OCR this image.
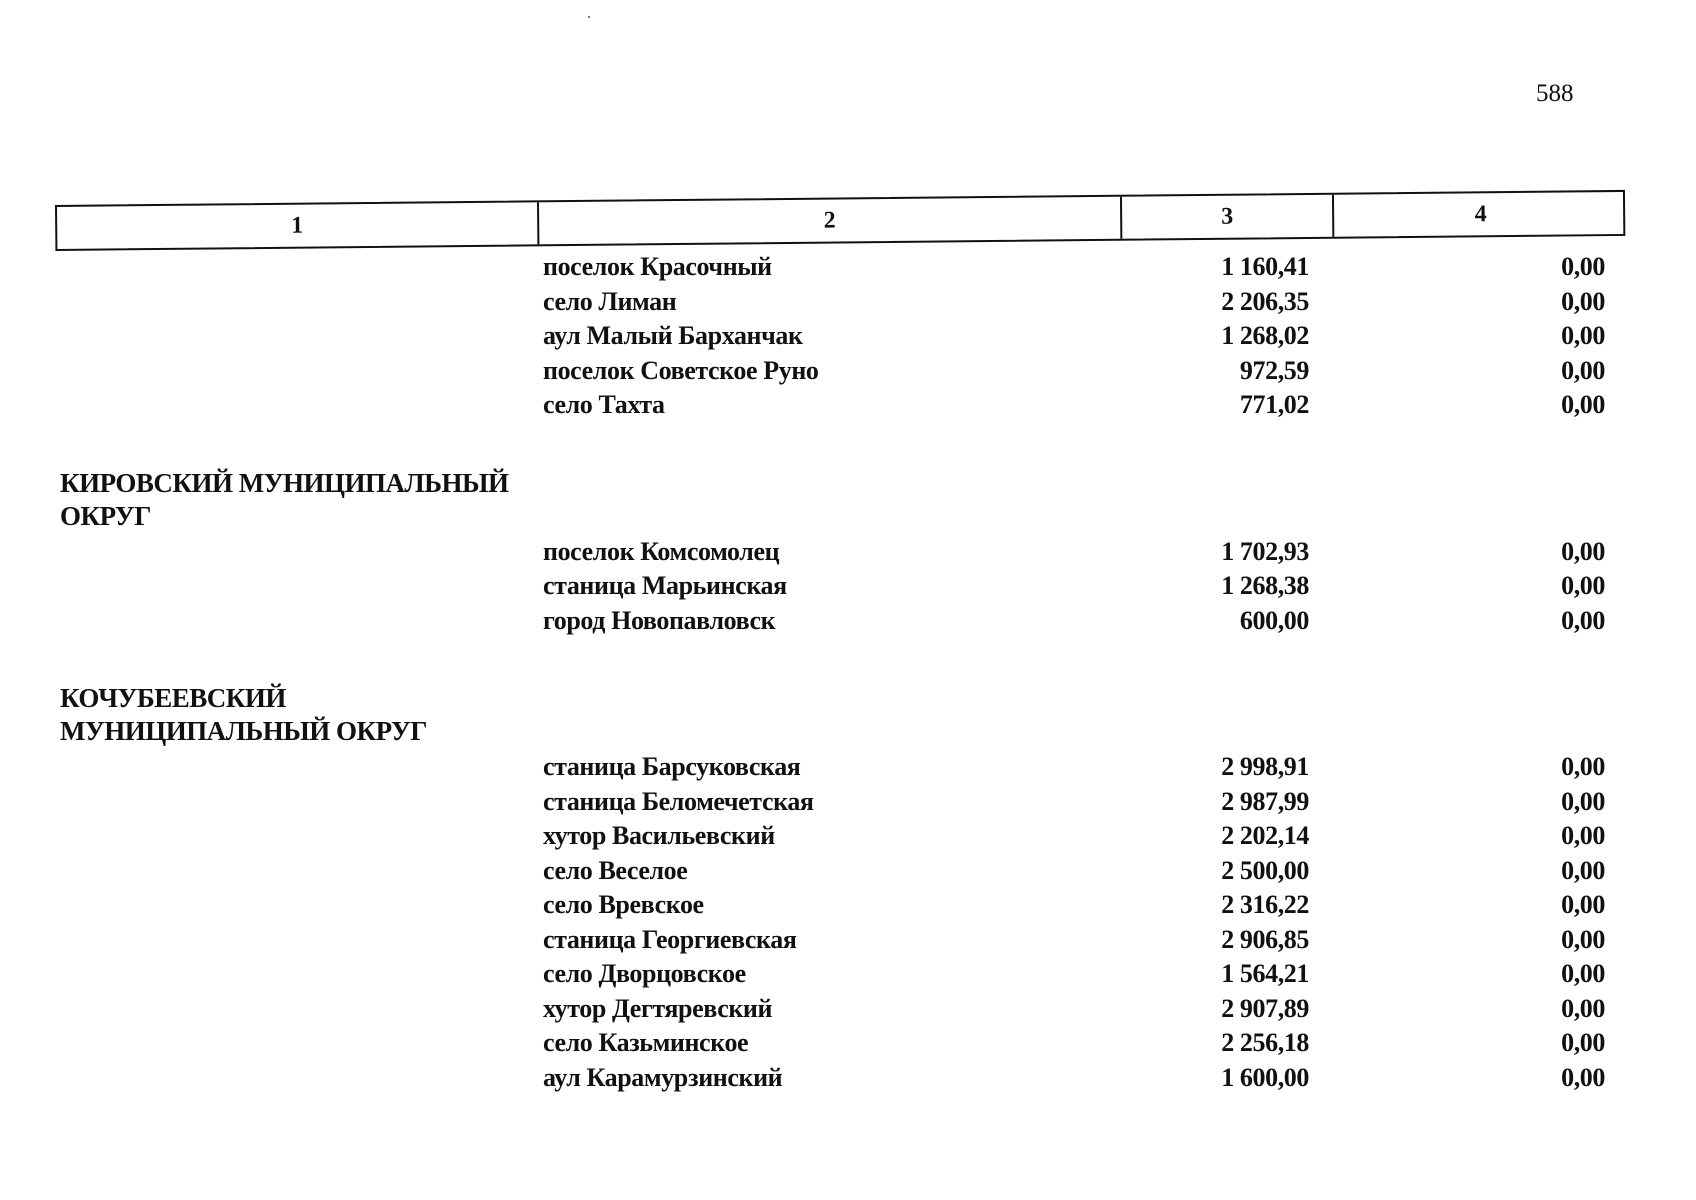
588
1	2	3	4
поселок Красочный	1 160,41	0,00
село Лиман	2 206,35	0,00
аул Малый Барханчак	1 268,02	0,00
поселок Советское Руно	972,59	0,00
село Тахта	771,02	0,00
КИРОВСКИЙ МУНИЦИПАЛЬНЫЙ ОКРУГ
поселок Комсомолец	1 702,93	0,00
станица Марьинская	1 268,38	0,00
город Новопавловск	600,00	0,00
КОЧУБЕЕВСКИЙ МУНИЦИПАЛЬНЫЙ ОКРУГ
станица Барсуковская	2 998,91	0,00
станица Беломечетская	2 987,99	0,00
хутор Васильевский	2 202,14	0,00
село Веселое	2 500,00	0,00
село Вревское	2 316,22	0,00
станица Георгиевская	2 906,85	0,00
село Дворцовское	1 564,21	0,00
хутор Дегтяревский	2 907,89	0,00
село Казьминское	2 256,18	0,00
аул Карамурзинский	1 600,00	0,00
